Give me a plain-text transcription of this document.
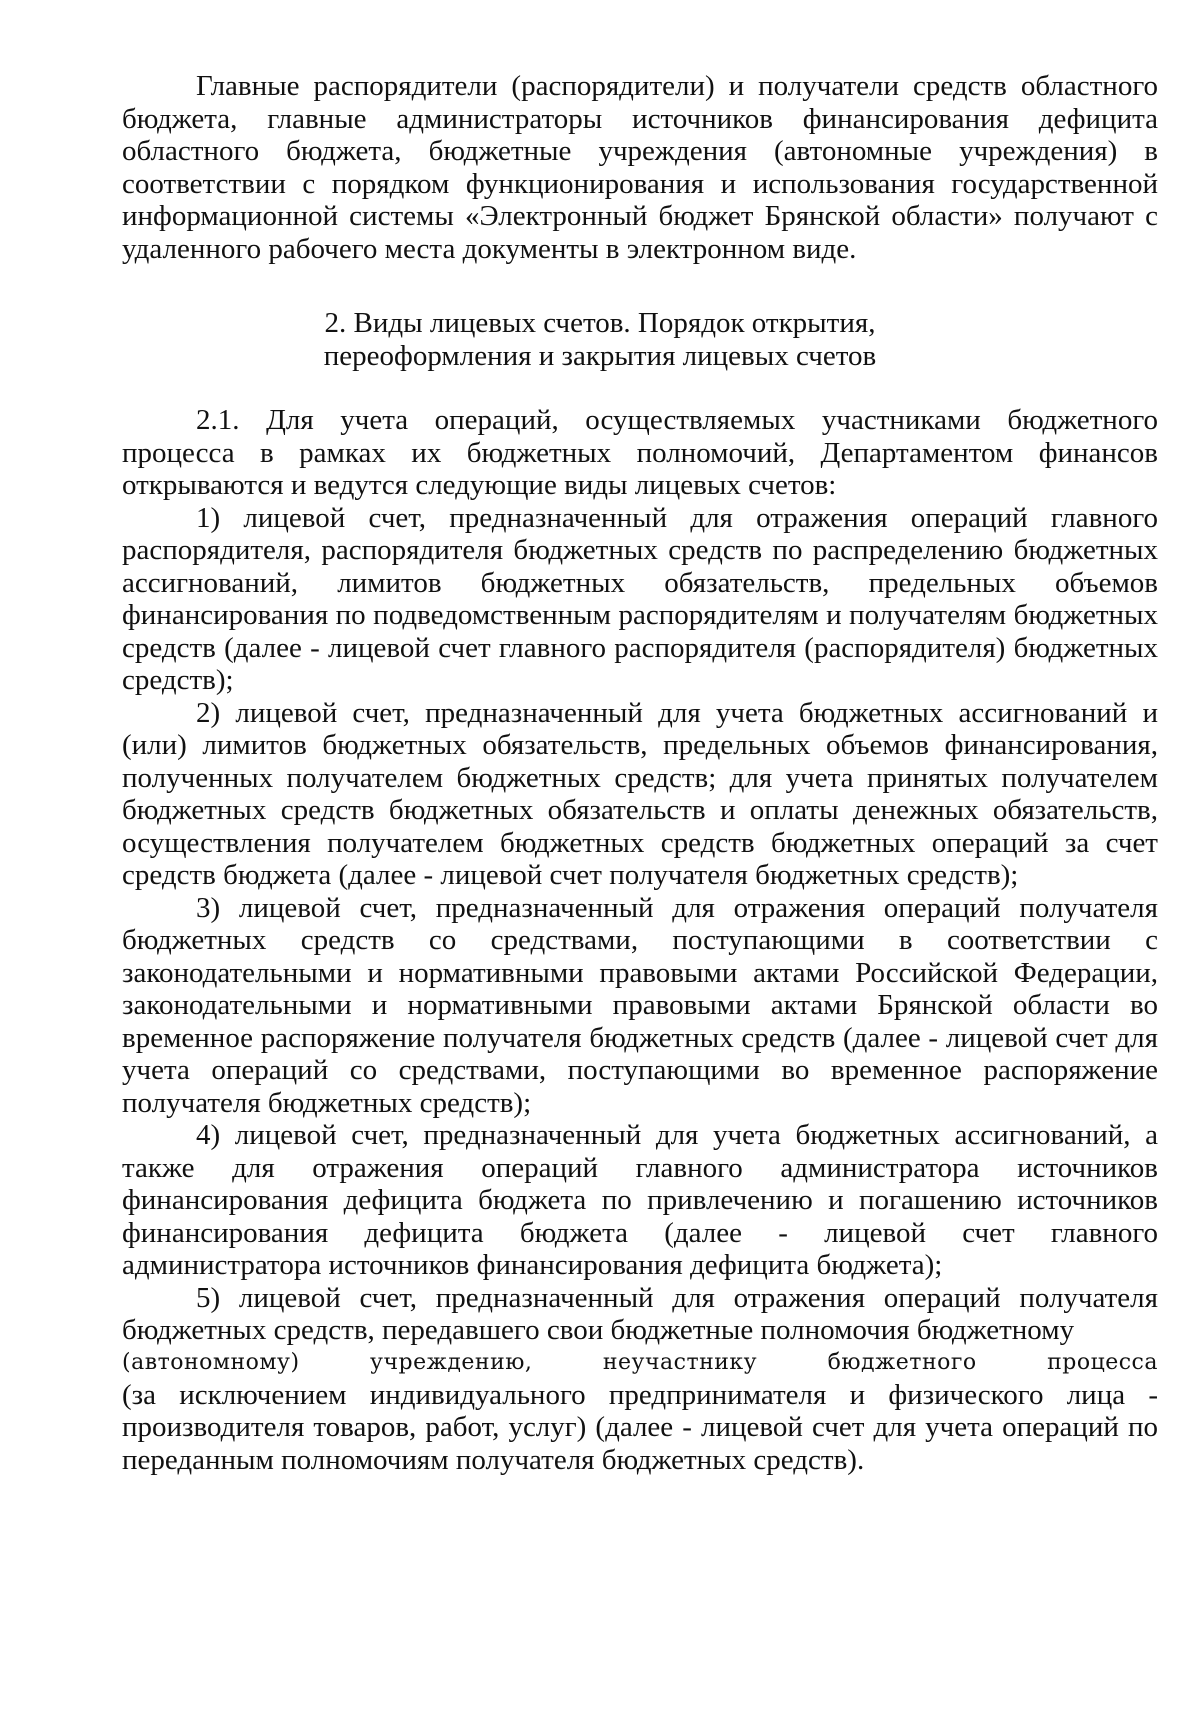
Главные распорядители (распорядители) и получатели средств областного бюджета, главные администраторы источников финансирования дефицита областного бюджета, бюджетные учреждения (автономные учреждения) в соответствии с порядком функционирования и использования государственной информационной системы «Электронный бюджет Брянской области» получают с удаленного рабочего места документы в электронном виде.

2. Виды лицевых счетов. Порядок открытия,
переоформления и закрытия лицевых счетов

2.1. Для учета операций, осуществляемых участниками бюджетного процесса в рамках их бюджетных полномочий, Департаментом финансов открываются и ведутся следующие виды лицевых счетов:

1) лицевой счет, предназначенный для отражения операций главного распорядителя, распорядителя бюджетных средств по распределению бюджетных ассигнований, лимитов бюджетных обязательств, предельных объемов финансирования по подведомственным распорядителям и получателям бюджетных средств (далее - лицевой счет главного распорядителя (распорядителя) бюджетных средств);

2) лицевой счет, предназначенный для учета бюджетных ассигнований и (или) лимитов бюджетных обязательств, предельных объемов финансирования, полученных получателем бюджетных средств; для учета принятых получателем бюджетных средств бюджетных обязательств и оплаты денежных обязательств, осуществления получателем бюджетных средств бюджетных операций за счет средств бюджета (далее - лицевой счет получателя бюджетных средств);

3) лицевой счет, предназначенный для отражения операций получателя бюджетных средств со средствами, поступающими в соответствии с законодательными и нормативными правовыми актами Российской Федерации, законодательными и нормативными правовыми актами Брянской области во временное распоряжение получателя бюджетных средств (далее - лицевой счет для учета операций со средствами, поступающими во временное распоряжение получателя бюджетных средств);

4) лицевой счет, предназначенный для учета бюджетных ассигнований, а также для отражения операций главного администратора источников финансирования дефицита бюджета по привлечению и погашению источников финансирования дефицита бюджета (далее - лицевой счет главного администратора источников финансирования дефицита бюджета);

5) лицевой счет, предназначенный для отражения операций получателя бюджетных средств, передавшего свои бюджетные полномочия бюджетному

(автономному) учреждению, неучастнику бюджетного процесса

(за исключением индивидуального предпринимателя и физического лица - производителя товаров, работ, услуг) (далее - лицевой счет для учета операций по переданным полномочиям получателя бюджетных средств).
